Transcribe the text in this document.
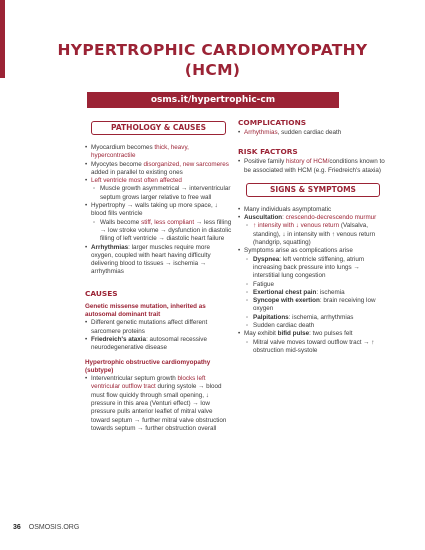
HYPERTROPHIC CARDIOMYOPATHY
(HCM)
osms.it/hypertrophic-cm
PATHOLOGY & CAUSES
• Myocardium becomes thick, heavy, hypercontractile
• Myocytes become disorganized, new sarcomeres added in parallel to existing ones
• Left ventricle most often affected
◦ Muscle growth asymmetrical → interventricular septum grows larger relative to free wall
• Hypertrophy → walls taking up more space, ↓ blood fills ventricle
◦ Walls become stiff, less compliant → less filling → low stroke volume → dysfunction in diastolic filling of left ventricle → diastolic heart failure
• Arrhythmias: larger muscles require more oxygen, coupled with heart having difficulty delivering blood to tissues → ischemia → arrhythmias
CAUSES
Genetic missense mutation, inherited as autosomal dominant trait
• Different genetic mutations affect different sarcomere proteins
• Friedreich's ataxia: autosomal recessive neurodegenerative disease
Hypertrophic obstructive cardiomyopathy (subtype)
• Interventricular septum growth blocks left ventricular outflow tract during systole → blood must flow quickly through small opening, ↓ pressure in this area (Venturi effect) → low pressure pulls anterior leaflet of mitral valve toward septum → further mitral valve obstruction towards septum → further obstruction overall
COMPLICATIONS
• Arrhythmias, sudden cardiac death
RISK FACTORS
• Positive family history of HCM/conditions known to be associated with HCM (e.g. Friedreich's ataxia)
SIGNS & SYMPTOMS
• Many individuals asymptomatic
• Auscultation: crescendo-decrescendo murmur
◦ ↑ intensity with ↓ venous return (Valsalva, standing), ↓ in intensity with ↑ venous return (handgrip, squatting)
• Symptoms arise as complications arise
◦ Dyspnea: left ventricle stiffening, atrium increasing back pressure into lungs → interstitial lung congestion
◦ Fatigue
◦ Exertional chest pain: ischemia
◦ Syncope with exertion: brain receiving low oxygen
◦ Palpitations: ischemia, arrhythmias
◦ Sudden cardiac death
• May exhibit bifid pulse: two pulses felt
◦ Mitral valve moves toward outflow tract → ↑ obstruction mid-systole
36 OSMOSIS.ORG
